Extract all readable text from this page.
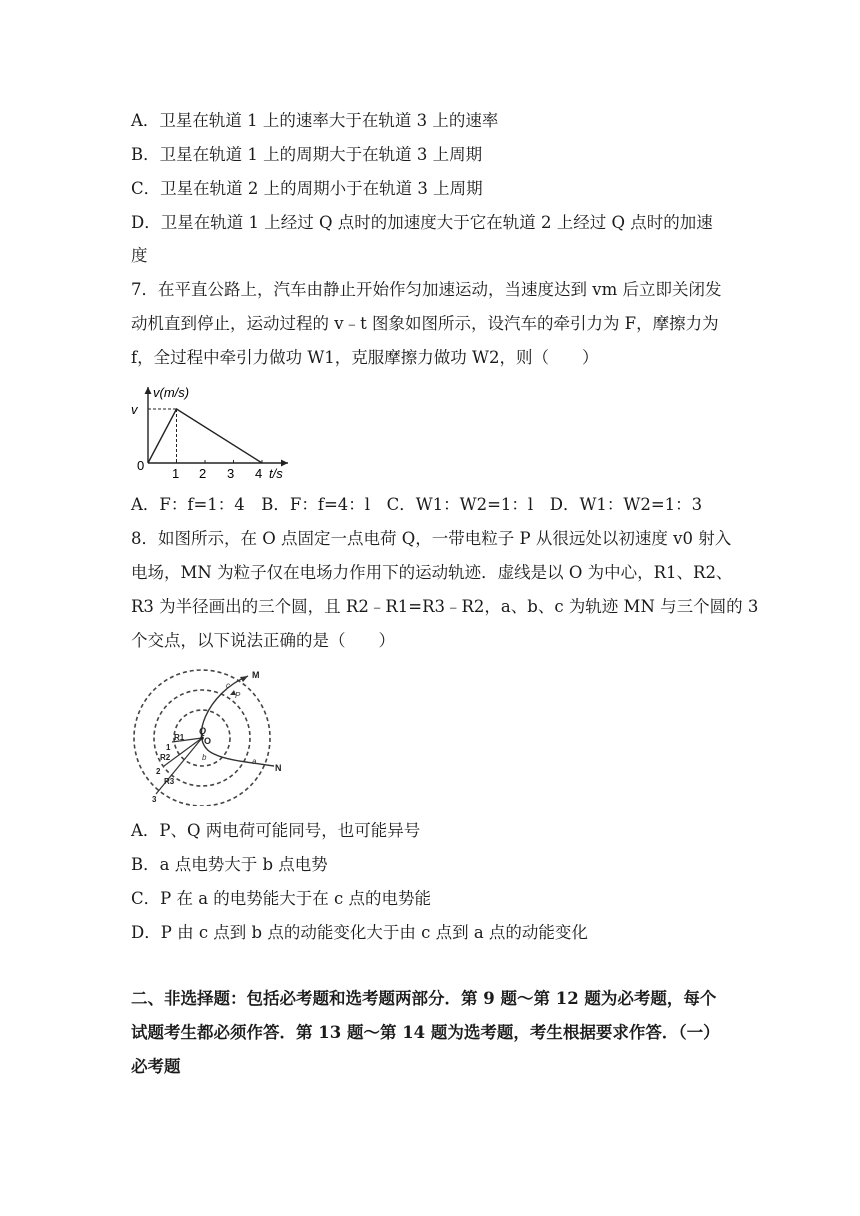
A．卫星在轨道 1 上的速率大于在轨道 3 上的速率
B．卫星在轨道 1 上的周期大于在轨道 3 上周期
C．卫星在轨道 2 上的周期小于在轨道 3 上周期
D．卫星在轨道 1 上经过 Q 点时的加速度大于它在轨道 2 上经过 Q 点时的加速
度
7．在平直公路上，汽车由静止开始作匀加速运动，当速度达到 vm 后立即关闭发
动机直到停止，运动过程的 v﹣t 图象如图所示，设汽车的牵引力为 F，摩擦力为
f，全过程中牵引力做功 W1，克服摩擦力做功 W2，则（　　）
v(m/s)
v
0
1 2 3 4 t/s
A．F：f=1：4　B．F：f=4：l　C．W1：W2=1：l　D．W1：W2=1：3
8．如图所示，在 O 点固定一点电荷 Q，一带电粒子 P 从很远处以初速度 v0 射入
电场，MN 为粒子仅在电场力作用下的运动轨迹．虚线是以 O 为中心，R1、R2、
R3 为半径画出的三个圆，且 R2﹣R1=R3﹣R2，a、b、c 为轨迹 MN 与三个圆的 3
个交点，以下说法正确的是（　　）
M
N
Q
O
R1
R2
R3
1
2
3
c
P
b	a
A．P、Q 两电荷可能同号，也可能异号
B．a 点电势大于 b 点电势
C．P 在 a 的电势能大于在 c 点的电势能
D．P 由 c 点到 b 点的动能变化大于由 c 点到 a 点的动能变化
二、非选择题：包括必考题和选考题两部分．第 9 题～第 12 题为必考题，每个
试题考生都必须作答．第 13 题～第 14 题为选考题，考生根据要求作答．（一）
必考题
